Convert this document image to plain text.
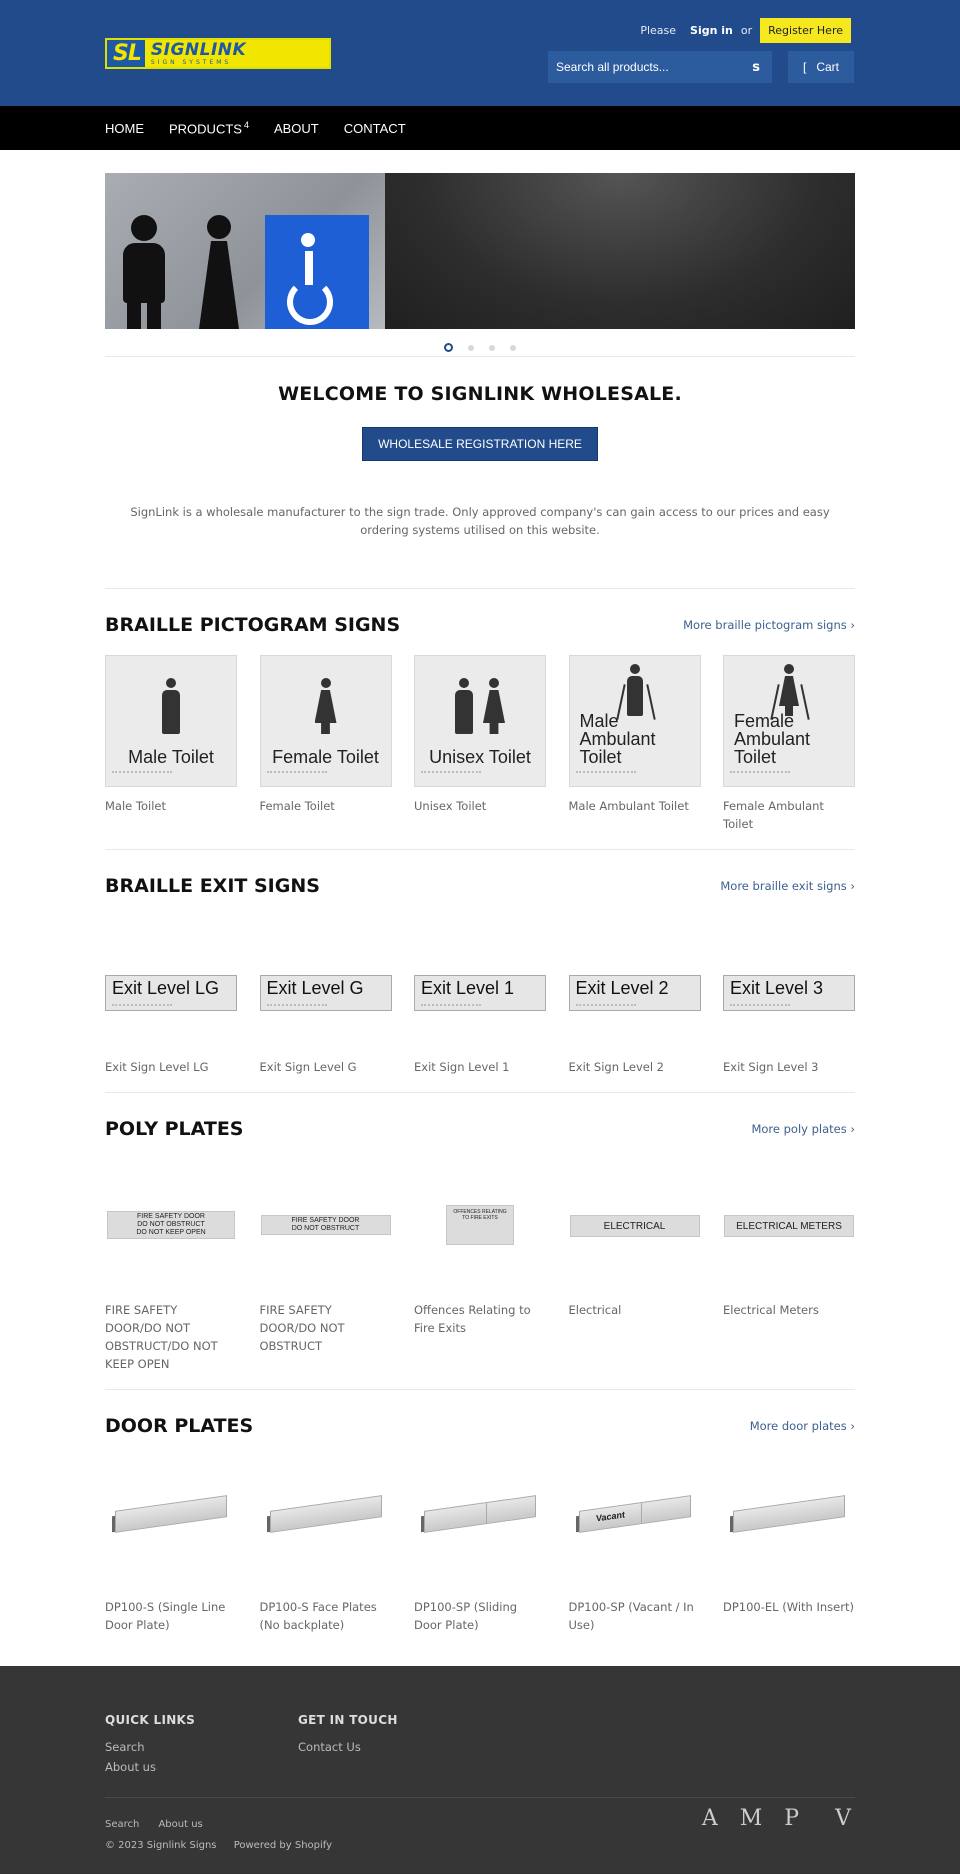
SL SIGNLINK
SIGN SYSTEMS
Please Sign in or	Register Here
Search all products...
s	[ Cart
HOME PRODUCTS $^4$ ABOUT CONTACT

WELCOME TO SIGNLINK WHOLESALE.
WHOLESALE REGISTRATION HERE

SignLink is a wholesale manufacturer to the sign trade. Only approved company's can gain access to our prices and easy ordering systems utilised on this website.

BRAILLE PICTOGRAM SIGNS	More braille pictogram signs ›
Male Toilet
Male Toilet
Female Toilet
Female Toilet
Unisex Toilet
Unisex Toilet
Male Ambulant Toilet
Male Ambulant Toilet
Female Ambulant Toilet
Female Ambulant Toilet
BRAILLE EXIT SIGNS	More braille exit signs ›
Exit Level LG
Exit Sign Level LG
Exit Level G
Exit Sign Level G
Exit Level 1
Exit Sign Level 1
Exit Level 2
Exit Sign Level 2
Exit Level 3
Exit Sign Level 3
POLY PLATES	More poly plates ›
FIRE SAFETY DOOR
DO NOT OBSTRUCT
DO NOT KEEP OPEN
FIRE SAFETY DOOR/DO NOT OBSTRUCT/DO NOT KEEP OPEN
FIRE SAFETY DOOR
DO NOT OBSTRUCT
FIRE SAFETY DOOR/DO NOT OBSTRUCT
OFFENCES RELATING
TO FIRE EXITS
Offences Relating to Fire Exits
ELECTRICAL
Electrical
ELECTRICAL METERS
Electrical Meters
DOOR PLATES	More door plates ›
DP100-S (Single Line Door Plate)
DP100-S Face Plates (No backplate)
DP100-SP (Sliding Door Plate)
Vacant
DP100-SP (Vacant / In Use)
DP100-EL (With Insert)
QUICK LINKS
Search
About us
GET IN TOUCH
Contact Us
Search About us
© 2023 Signlink Signs Powered by Shopify
A M P V
